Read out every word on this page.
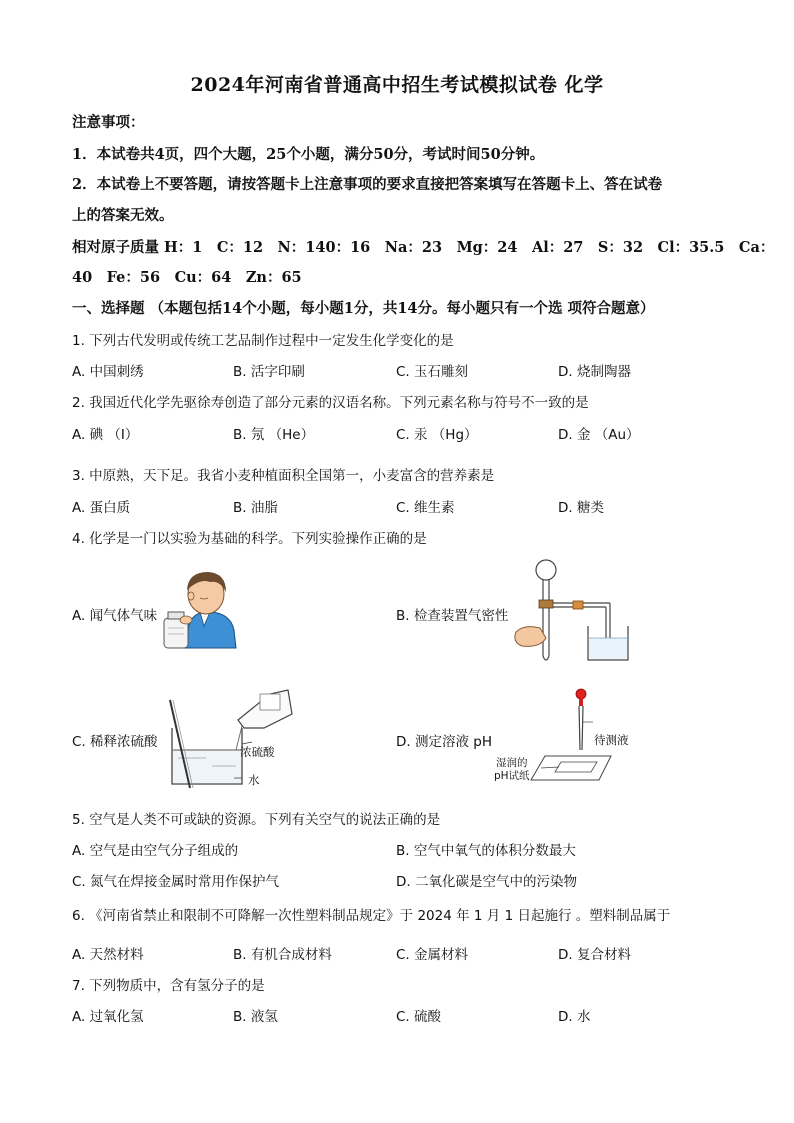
2024年河南省普通高中招生考试模拟试卷 化学
注意事项：
1．本试卷共4页，四个大题，25个小题，满分50分，考试时间50分钟。
2．本试卷上不要答题，请按答题卡上注意事项的要求直接把答案填写在答题卡上、答在试卷
上的答案无效。
相对原子质量 H：1　C：12　N：140：16　Na：23　Mg：24　Al：27　S：32　Cl：35.5　Ca：
40　Fe：56　Cu：64　Zn：65
一、选择题 （本题包括14个小题，每小题1分，共14分。每小题只有一个选 项符合题意）
1. 下列古代发明或传统工艺品制作过程中一定发生化学变化的是
A. 中国刺绣	B. 活字印刷	C. 玉石雕刻	D. 烧制陶器
2. 我国近代化学先驱徐寿创造了部分元素的汉语名称。下列元素名称与符号不一致的是
A. 碘 （I）	B. 氖 （He）	C. 汞 （Hg）	D. 金 （Au）
3. 中原熟，天下足。我省小麦种植面积全国第一，小麦富含的营养素是
A. 蛋白质	B. 油脂	C. 维生素	D. 糖类
4. 化学是一门以实验为基础的科学。下列实验操作正确的是
A. 闻气体气味	B. 检查装置气密性
C. 稀释浓硫酸	D. 测定溶液 pH
浓硫酸
水
待测液
湿润的
pH试纸
5. 空气是人类不可或缺的资源。下列有关空气的说法正确的是
A. 空气是由空气分子组成的	B. 空气中氧气的体积分数最大
C. 氮气在焊接金属时常用作保护气	D. 二氧化碳是空气中的污染物
6. 《河南省禁止和限制不可降解一次性塑料制品规定》于 2024 年 1 月 1 日起施行 。塑料制品属于
A. 天然材料	B. 有机合成材料	C. 金属材料	D. 复合材料
7. 下列物质中，含有氢分子的是
A. 过氧化氢	B. 液氢	C. 硫酸	D. 水
